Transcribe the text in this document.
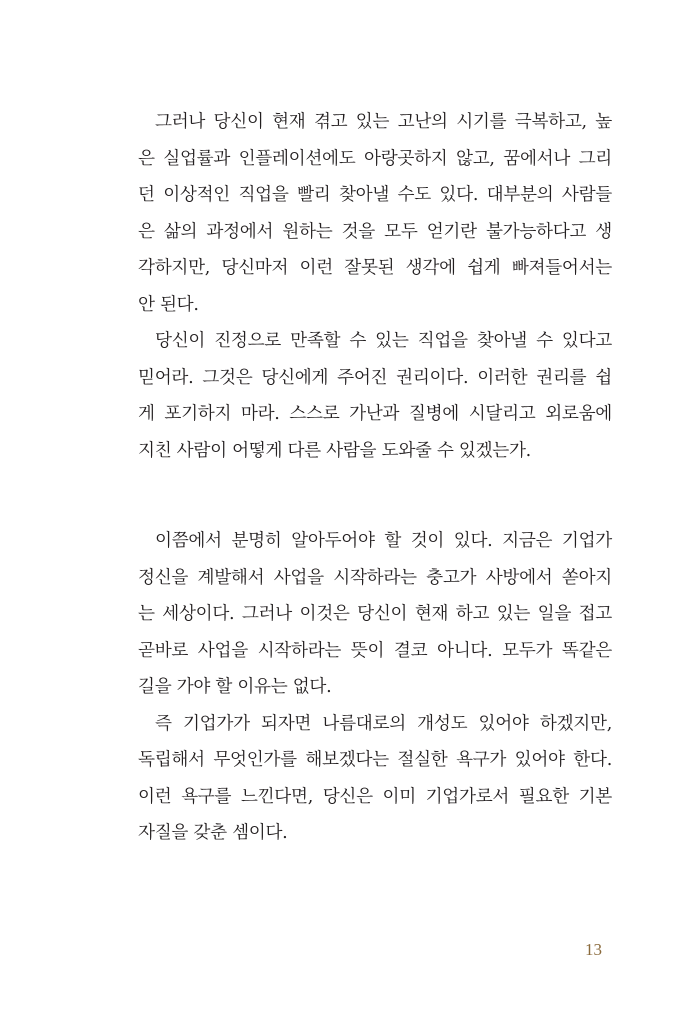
그러나 당신이 현재 겪고 있는 고난의 시기를 극복하고, 높
은 실업률과 인플레이션에도 아랑곳하지 않고, 꿈에서나 그리
던 이상적인 직업을 빨리 찾아낼 수도 있다. 대부분의 사람들
은 삶의 과정에서 원하는 것을 모두 얻기란 불가능하다고 생
각하지만, 당신마저 이런 잘못된 생각에 쉽게 빠져들어서는
안 된다.

당신이 진정으로 만족할 수 있는 직업을 찾아낼 수 있다고
믿어라. 그것은 당신에게 주어진 권리이다. 이러한 권리를 쉽
게 포기하지 마라. 스스로 가난과 질병에 시달리고 외로움에
지친 사람이 어떻게 다른 사람을 도와줄 수 있겠는가.

이쯤에서 분명히 알아두어야 할 것이 있다. 지금은 기업가
정신을 계발해서 사업을 시작하라는 충고가 사방에서 쏟아지
는 세상이다. 그러나 이것은 당신이 현재 하고 있는 일을 접고
곧바로 사업을 시작하라는 뜻이 결코 아니다. 모두가 똑같은
길을 가야 할 이유는 없다.

즉 기업가가 되자면 나름대로의 개성도 있어야 하겠지만,
독립해서 무엇인가를 해보겠다는 절실한 욕구가 있어야 한다.
이런 욕구를 느낀다면, 당신은 이미 기업가로서 필요한 기본
자질을 갖춘 셈이다.

13
